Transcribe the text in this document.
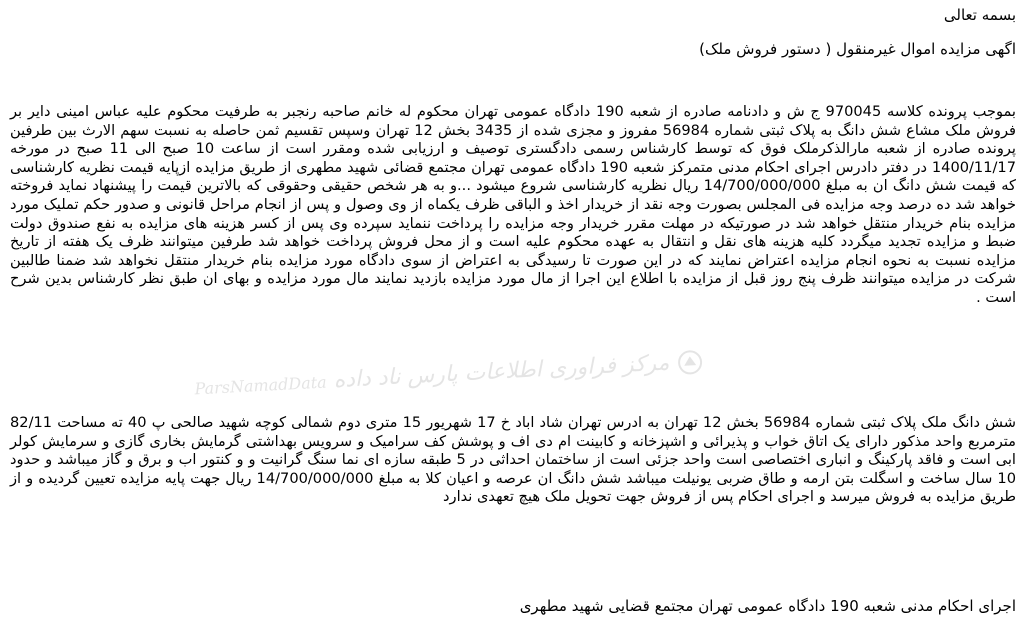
بسمه تعالی
اگهی مزایده اموال غیرمنقول ( دستور فروش ملک)
بموجب پرونده کلاسه 970045 ج ش و دادنامه صادره از شعبه 190 دادگاه عمومی تهران محکوم له خانم صاحبه رنجبر به طرفیت محکوم علیه عباس امینی دایر بر فروش ملک مشاع شش دانگ به پلاک ثبتی شماره 56984 مفروز و مجزی شده از 3435 بخش 12 تهران وسپس تقسیم ثمن حاصله به نسبت سهم الارث بین طرفین پرونده صادره از شعبه مارالذکرملک فوق که توسط کارشناس رسمی دادگستری توصیف و ارزیابی شده ومقرر است از ساعت 10 صبح الی 11 صبح در مورخه 1400/11/17 در دفتر دادرس اجرای احکام مدنی متمرکز شعبه 190 دادگاه عمومی تهران مجتمع قضائی شهید مطهری از طریق مزایده ازپایه قیمت نظریه کارشناسی که قیمت شش دانگ ان به مبلغ 14/700/000/000 ریال نظریه کارشناسی شروع میشود ...و به هر شخص حقیقی وحقوقی که بالاترین قیمت را پیشنهاد نماید فروخته خواهد شد ده درصد وجه مزایده فی المجلس بصورت وجه نقد از خریدار اخذ و الباقی ظرف یکماه از وی وصول و پس از انجام مراحل قانونی و صدور حکم تملیک مورد مزایده بنام خریدار منتقل خواهد شد در صورتیکه در مهلت مقرر خریدار وجه مزایده را پرداخت ننماید سپرده وی پس از کسر هزینه های مزایده به نفع صندوق دولت ضبط و مزایده تجدید میگردد کلیه هزینه های نقل و انتقال به عهده محکوم علیه است و از محل فروش پرداخت خواهد شد طرفین میتوانند ظرف یک هفته از تاریخ مزایده نسبت به نحوه انجام مزایده اعتراض نمایند که در این صورت تا رسیدگی به اعتراض از سوی دادگاه مورد مزایده بنام خریدار منتقل نخواهد شد ضمنا طالبین شرکت در مزایده میتوانند ظرف پنج روز قبل از مزایده با اطلاع این اجرا از مال مورد مزایده بازدید نمایند مال مورد مزایده و بهای ان طبق نظر کارشناس بدین شرح است .
مرکز فراوری اطلاعات پارس ناد داده ParsNamadData
شش دانگ ملک پلاک ثبتی شماره 56984 بخش 12 تهران به ادرس تهران شاد اباد خ 17 شهریور 15 متری دوم شمالی کوچه شهید صالحی پ 40 ته مساحت 82/11 مترمربع واحد مذکور دارای یک اتاق خواب و پذیرائی و اشپزخانه و کابینت ام دی اف و پوشش کف سرامیک و سرویس بهداشتی گرمایش بخاری گازی و سرمایش کولر ابی است و فاقد پارکینگ و انباری اختصاصی است واحد جزئی است از ساختمان احداثی در 5 طبقه سازه ای نما سنگ گرانیت و و کنتور اب و برق و گاز میباشد و حدود 10 سال ساخت و اسگلت بتن ارمه و طاق ضربی یونیلت میباشد شش دانگ ان عرصه و اعیان کلا به مبلغ 14/700/000/000 ریال جهت پایه مزایده تعیین گردیده و از طریق مزایده به فروش میرسد و اجرای احکام پس از فروش جهت تحویل ملک هیچ تعهدی ندارد
اجرای احکام مدنی شعبه 190 دادگاه عمومی تهران مجتمع قضایی شهید مطهری
